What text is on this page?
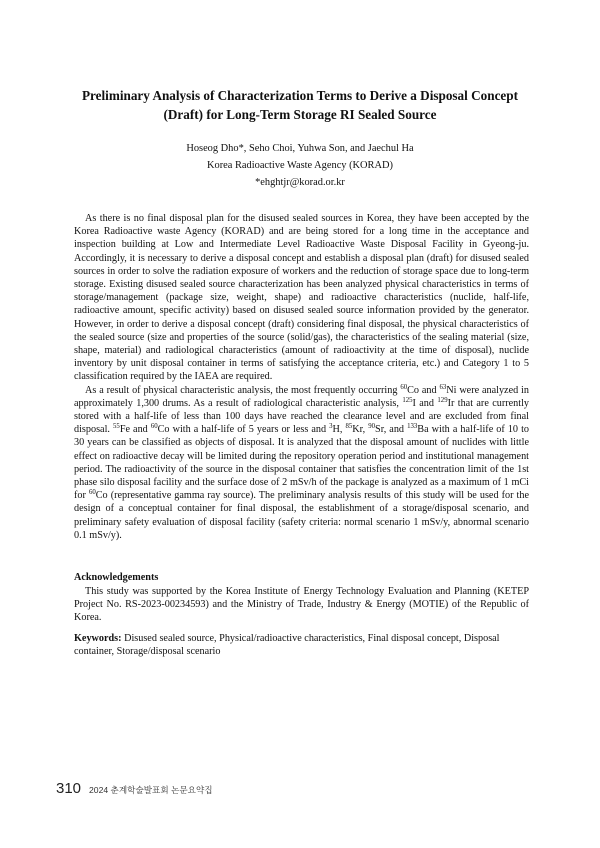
Preliminary Analysis of Characterization Terms to Derive a Disposal Concept
(Draft) for Long-Term Storage RI Sealed Source
Hoseog Dho*, Seho Choi, Yuhwa Son, and Jaechul Ha
Korea Radioactive Waste Agency (KORAD)
*ehghtjr@korad.or.kr

As there is no final disposal plan for the disused sealed sources in Korea, they have been accepted by the Korea Radioactive waste Agency (KORAD) and are being stored for a long time in the acceptance and inspection building at Low and Intermediate Level Radioactive Waste Disposal Facility in Gyeong-ju. Accordingly, it is necessary to derive a disposal concept and establish a disposal plan (draft) for disused sealed sources in order to solve the radiation exposure of workers and the reduction of storage space due to long-term storage. Existing disused sealed source characterization has been analyzed physical characteristics in terms of storage/management (package size, weight, shape) and radioactive characteristics (nuclide, half-life, radioactive amount, specific activity) based on disused sealed source information provided by the generator. However, in order to derive a disposal concept (draft) considering final disposal, the physical characteristics of the sealed source (size and properties of the source (solid/gas), the characteristics of the sealing material (size, shape, material) and radiological characteristics (amount of radioactivity at the time of disposal), nuclide inventory by unit disposal container in terms of satisfying the acceptance criteria, etc.) and Category 1 to 5 classification required by the IAEA are required.

As a result of physical characteristic analysis, the most frequently occurring $^{60}$Co and $^{63}$Ni were analyzed in approximately 1,300 drums. As a result of radiological characteristic analysis, $^{125}$I and $^{129}$Ir that are currently stored with a half-life of less than 100 days have reached the clearance level and are excluded from final disposal. $^{55}$Fe and $^{60}$Co with a half-life of 5 years or less and $^3$H, $^{85}$Kr, $^{90}$Sr, and $^{133}$Ba with a half-life of 10 to 30 years can be classified as objects of disposal. It is analyzed that the disposal amount of nuclides with little effect on radioactive decay will be limited during the repository operation period and institutional management period. The radioactivity of the source in the disposal container that satisfies the concentration limit of the 1st phase silo disposal facility and the surface dose of 2 mSv/h of the package is analyzed as a maximum of 1 mCi for $^{60}$Co (representative gamma ray source). The preliminary analysis results of this study will be used for the design of a conceptual container for final disposal, the establishment of a storage/disposal scenario, and preliminary safety evaluation of disposal facility (safety criteria: normal scenario 1 mSv/y, abnormal scenario 0.1 mSv/y).

Acknowledgements

This study was supported by the Korea Institute of Energy Technology Evaluation and Planning (KETEP Project No. RS-2023-00234593) and the Ministry of Trade, Industry & Energy (MOTIE) of the Republic of Korea.

Keywords: Disused sealed source, Physical/radioactive characteristics, Final disposal concept, Disposal container, Storage/disposal scenario
310 2024 춘계학술발표회 논문요약집
